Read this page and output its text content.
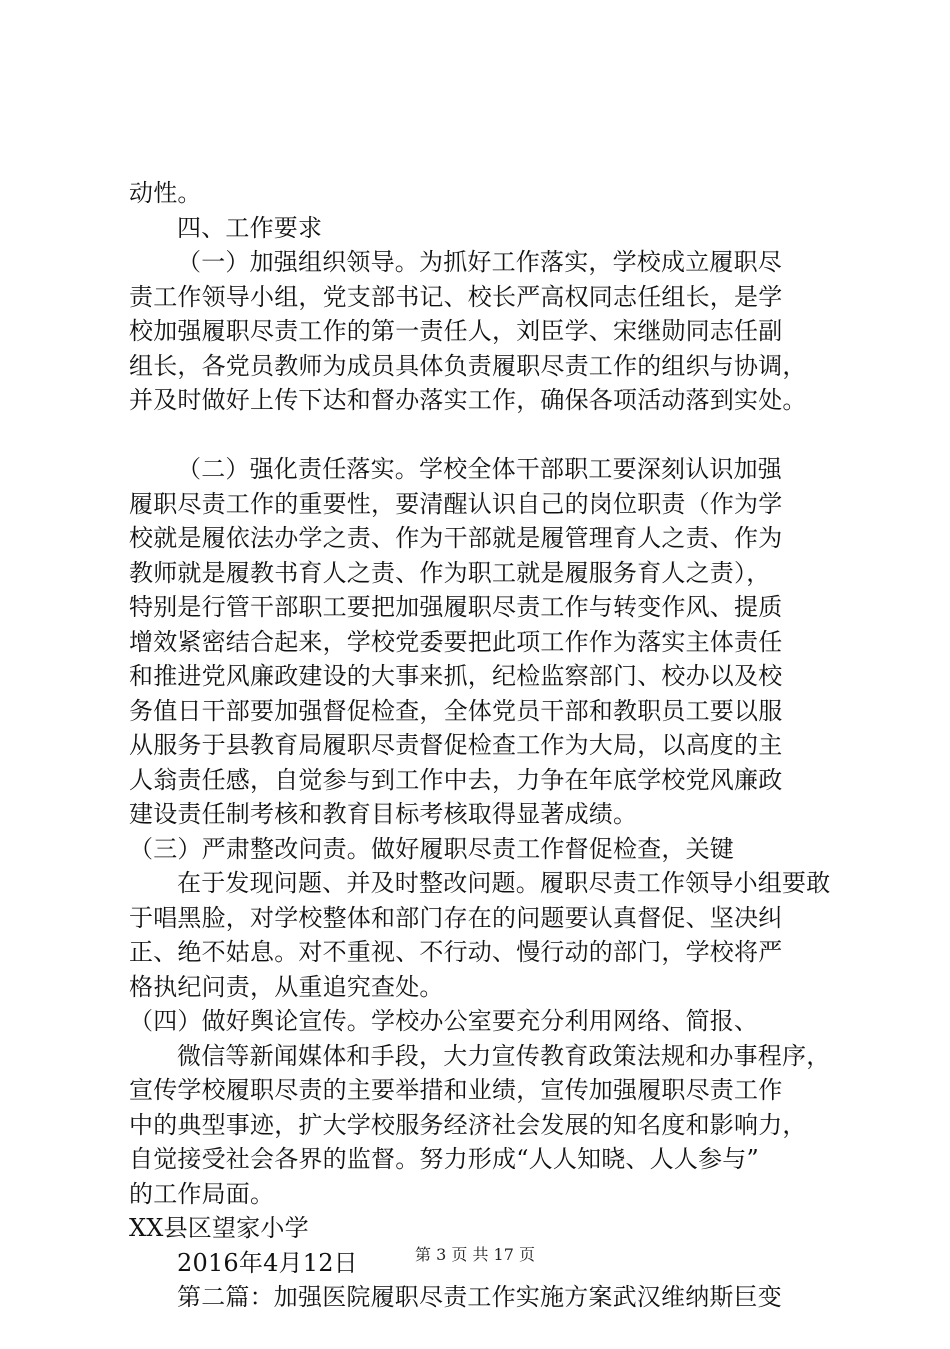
动性。
四、工作要求
（一）加强组织领导。为抓好工作落实，学校成立履职尽
责工作领导小组，党支部书记、校长严高权同志任组长，是学
校加强履职尽责工作的第一责任人，刘臣学、宋继勋同志任副
组长，各党员教师为成员具体负责履职尽责工作的组织与协调，
并及时做好上传下达和督办落实工作，确保各项活动落到实处。
（二）强化责任落实。学校全体干部职工要深刻认识加强
履职尽责工作的重要性，要清醒认识自己的岗位职责（作为学
校就是履依法办学之责、作为干部就是履管理育人之责、作为
教师就是履教书育人之责、作为职工就是履服务育人之责），
特别是行管干部职工要把加强履职尽责工作与转变作风、提质
增效紧密结合起来，学校党委要把此项工作作为落实主体责任
和推进党风廉政建设的大事来抓，纪检监察部门、校办以及校
务值日干部要加强督促检查，全体党员干部和教职员工要以服
从服务于县教育局履职尽责督促检查工作为大局，以高度的主
人翁责任感，自觉参与到工作中去，力争在年底学校党风廉政
建设责任制考核和教育目标考核取得显著成绩。
（三）严肃整改问责。做好履职尽责工作督促检查，关键
在于发现问题、并及时整改问题。履职尽责工作领导小组要敢
于唱黑脸，对学校整体和部门存在的问题要认真督促、坚决纠
正、绝不姑息。对不重视、不行动、慢行动的部门，学校将严
格执纪问责，从重追究查处。
（四）做好舆论宣传。学校办公室要充分利用网络、简报、
微信等新闻媒体和手段，大力宣传教育政策法规和办事程序，
宣传学校履职尽责的主要举措和业绩，宣传加强履职尽责工作
中的典型事迹，扩大学校服务经济社会发展的知名度和影响力，
自觉接受社会各界的监督。努力形成“人人知晓、人人参与”
的工作局面。
XX县区望家小学
2016年4月12日
第二篇：加强医院履职尽责工作实施方案武汉维纳斯巨变
第 3 页 共 17 页
